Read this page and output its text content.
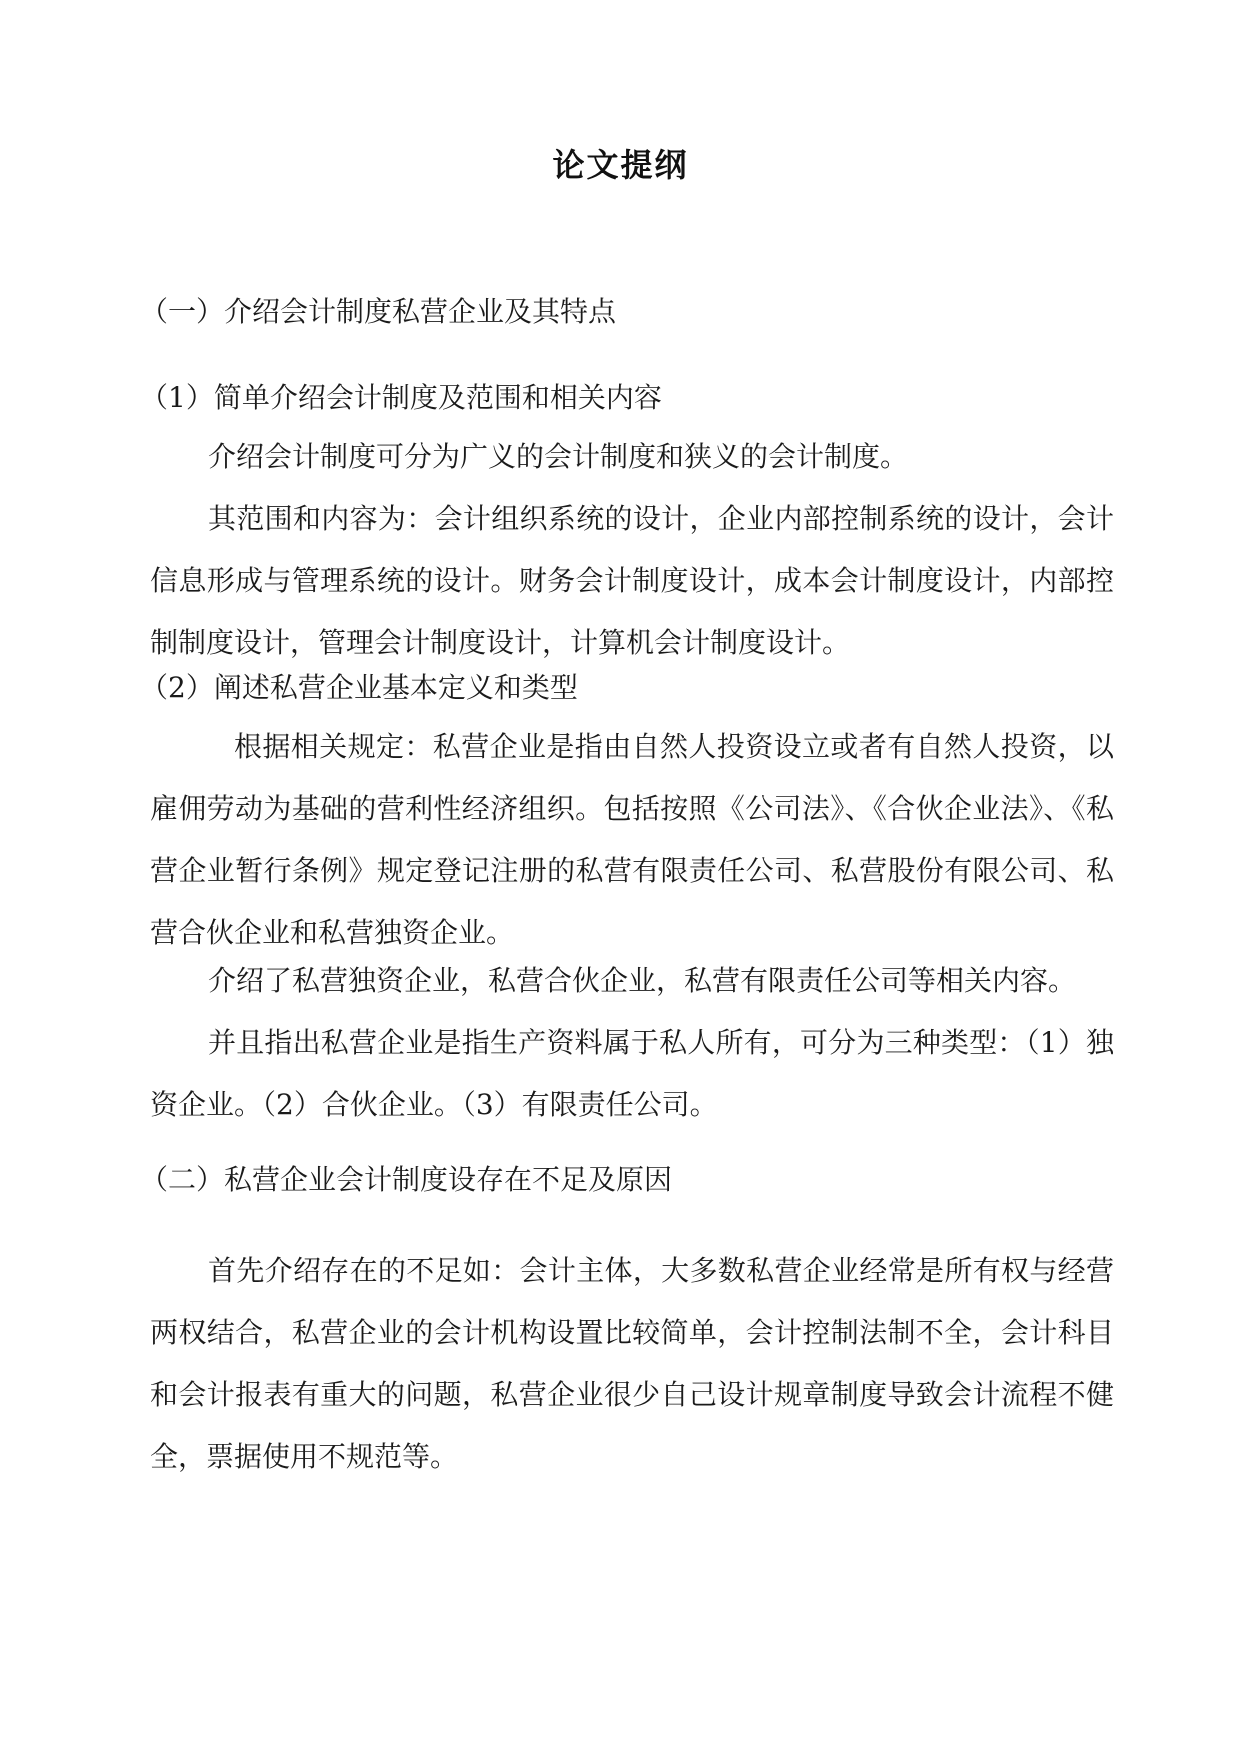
论文提纲
（一）介绍会计制度私营企业及其特点
（1）简单介绍会计制度及范围和相关内容
介绍会计制度可分为广义的会计制度和狭义的会计制度。
其范围和内容为：会计组织系统的设计，企业内部控制系统的设计，会计信息形成与管理系统的设计。财务会计制度设计，成本会计制度设计，内部控制制度设计，管理会计制度设计，计算机会计制度设计。
（2）阐述私营企业基本定义和类型
根据相关规定：私营企业是指由自然人投资设立或者有自然人投资，以雇佣劳动为基础的营利性经济组织。包括按照《公司法》、《合伙企业法》、《私营企业暂行条例》规定登记注册的私营有限责任公司、私营股份有限公司、私营合伙企业和私营独资企业。
介绍了私营独资企业，私营合伙企业，私营有限责任公司等相关内容。
并且指出私营企业是指生产资料属于私人所有，可分为三种类型：（1）独资企业。（2）合伙企业。（3）有限责任公司。
（二）私营企业会计制度设存在不足及原因
首先介绍存在的不足如：会计主体，大多数私营企业经常是所有权与经营两权结合，私营企业的会计机构设置比较简单，会计控制法制不全，会计科目和会计报表有重大的问题，私营企业很少自己设计规章制度导致会计流程不健全，票据使用不规范等。
